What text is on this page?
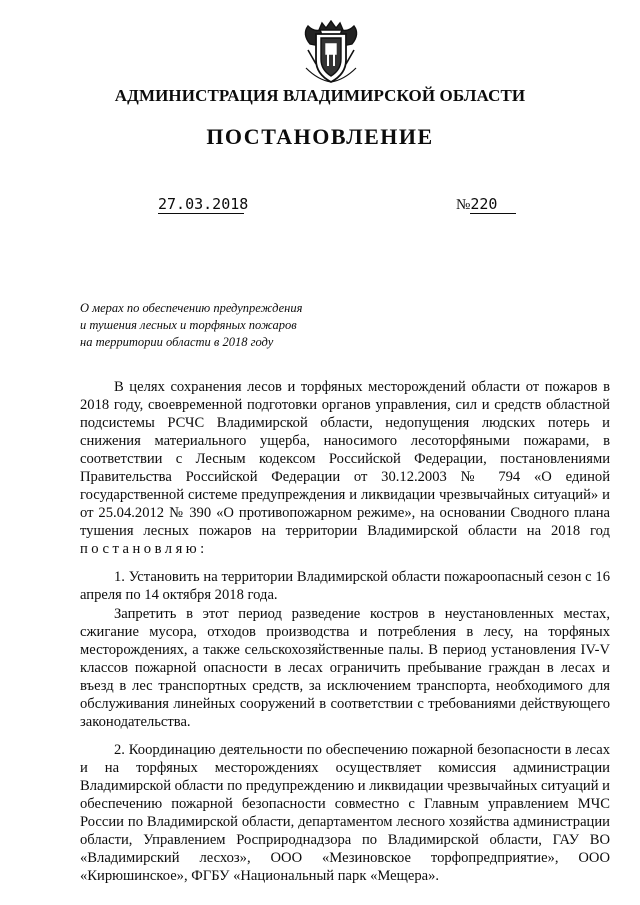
АДМИНИСТРАЦИЯ ВЛАДИМИРСКОЙ ОБЛАСТИ
ПОСТАНОВЛЕНИЕ
27.03.2018	№220
О мерах по обеспечению предупреждения
и тушения лесных и торфяных пожаров
на территории области в 2018 году

В целях сохранения лесов и торфяных месторождений области от пожаров в 2018 году, своевременной подготовки органов управления, сил и средств областной подсистемы РСЧС Владимирской области, недопущения людских потерь и снижения материального ущерба, наносимого лесоторфяными пожарами, в соответствии с Лесным кодексом Российской Федерации, постановлениями Правительства Российской Федерации от 30.12.2003 № 794 «О единой государственной системе предупреждения и ликвидации чрезвычайных ситуаций» и от 25.04.2012 № 390 «О противопожарном режиме», на основании Сводного плана тушения лесных пожаров на территории Владимирской области на 2018 год постановляю:

1. Установить на территории Владимирской области пожароопасный сезон с 16 апреля по 14 октября 2018 года.

Запретить в этот период разведение костров в неустановленных местах, сжигание мусора, отходов производства и потребления в лесу, на торфяных месторождениях, а также сельскохозяйственные палы. В период установления IV-V классов пожарной опасности в лесах ограничить пребывание граждан в лесах и въезд в лес транспортных средств, за исключением транспорта, необходимого для обслуживания линейных сооружений в соответствии с требованиями действующего законодательства.

2. Координацию деятельности по обеспечению пожарной безопасности в лесах и на торфяных месторождениях осуществляет комиссия администрации Владимирской области по предупреждению и ликвидации чрезвычайных ситуаций и обеспечению пожарной безопасности совместно с Главным управлением МЧС России по Владимирской области, департаментом лесного хозяйства администрации области, Управлением Росприроднадзора по Владимирской области, ГАУ ВО «Владимирский лесхоз», ООО «Мезиновское торфопредприятие», ООО «Кирюшинское», ФГБУ «Национальный парк «Мещера».
